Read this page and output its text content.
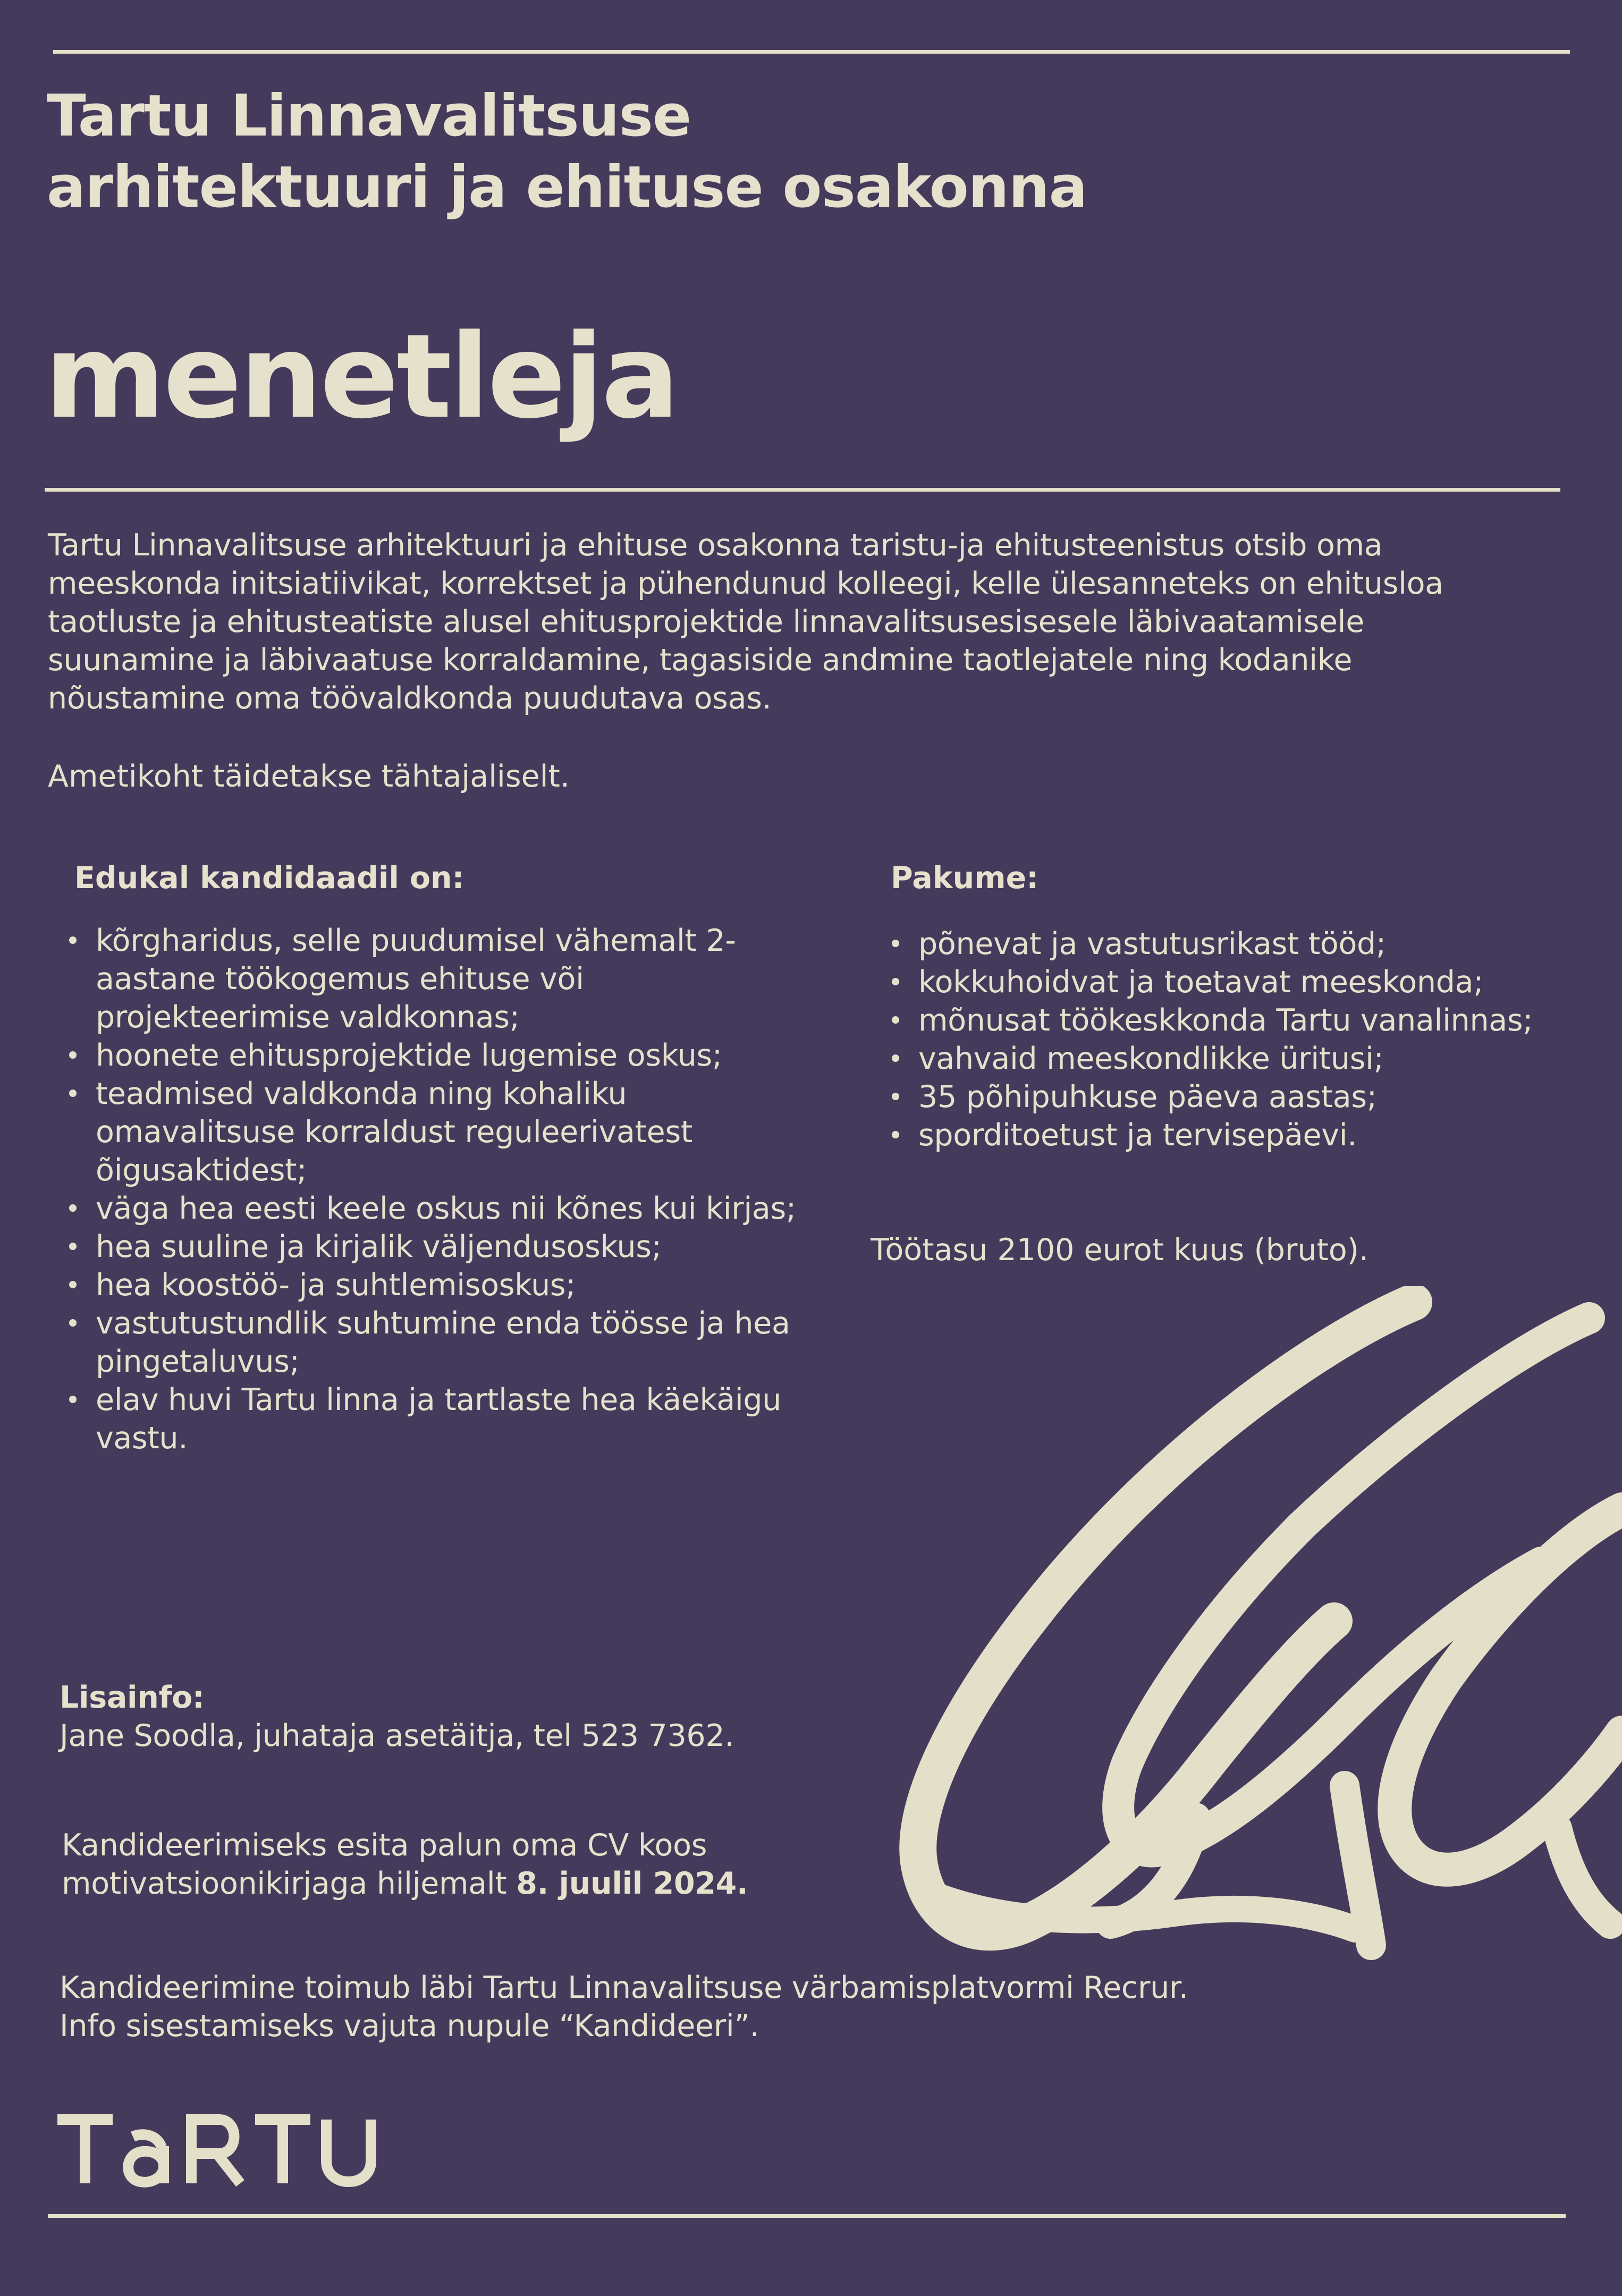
Tartu Linnavalitsuse
arhitektuuri ja ehituse osakonna
menetleja

Tartu Linnavalitsuse arhitektuuri ja ehituse osakonna taristu-ja ehitusteenistus otsib oma meeskonda initsiatiivikat, korrektset ja pühendunud kolleegi, kelle ülesanneteks on ehitusloa taotluste ja ehitusteatiste alusel ehitusprojektide linnavalitsusesisesele läbivaatamisele suunamine ja läbivaatuse korraldamine, tagasiside andmine taotlejatele ning kodanike nõustamine oma töövaldkonda puudutava osas.

Ametikoht täidetakse tähtajaliselt.
Edukal kandidaadil on:
kõrgharidus, selle puudumisel vähemalt 2-aastane töökogemus ehituse või projekteerimise valdkonnas;
hoonete ehitusprojektide lugemise oskus;
teadmised valdkonda ning kohaliku omavalitsuse korraldust reguleerivatest õigusaktidest;
väga hea eesti keele oskus nii kõnes kui kirjas;
hea suuline ja kirjalik väljendusoskus;
hea koostöö- ja suhtlemisoskus;
vastutustundlik suhtumine enda töösse ja hea pingetaluvus;
elav huvi Tartu linna ja tartlaste hea käekäigu vastu.
Pakume:
põnevat ja vastutusrikast tööd;
kokkuhoidvat ja toetavat meeskonda;
mõnusat töökeskkonda Tartu vanalinnas;
vahvaid meeskondlikke üritusi;
35 põhipuhkuse päeva aastas;
sporditoetust ja tervisepäevi.
Töötasu 2100 eurot kuus (bruto).
Lisainfo:
Jane Soodla, juhataja asetäitja, tel 523 7362.
Kandideerimiseks esita palun oma CV koos
motivatsioonikirjaga hiljemalt 8. juulil 2024.
Kandideerimine toimub läbi Tartu Linnavalitsuse värbamisplatvormi Recrur.
Info sisestamiseks vajuta nupule “Kandideeri”.
